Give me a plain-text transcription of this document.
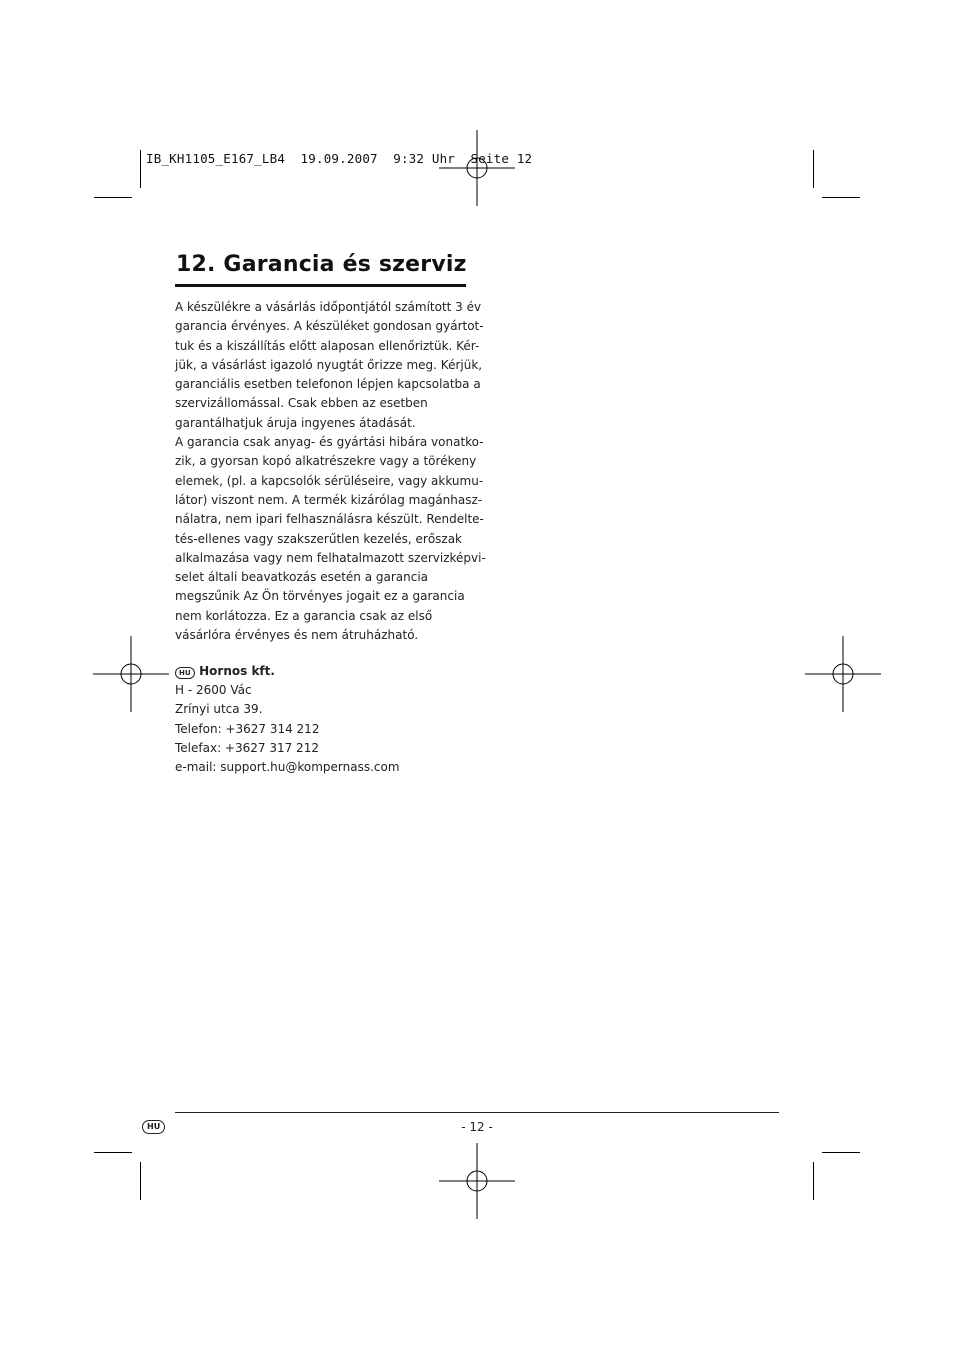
IB_KH1105_E167_LB4  19.09.2007  9:32 Uhr  Seite 12
12. Garancia és szerviz
A készülékre a vásárlás időpontjától számított 3 év
garancia érvényes. A készüléket gondosan gyártot-
tuk és a kiszállítás előtt alaposan ellenőriztük. Kér-
jük, a vásárlást igazoló nyugtát őrizze meg. Kérjük,
garanciális esetben telefonon lépjen kapcsolatba a
szervizállomással. Csak ebben az esetben
garantálhatjuk áruja ingyenes átadását.
A garancia csak anyag- és gyártási hibára vonatko-
zik, a gyorsan kopó alkatrészekre vagy a törékeny
elemek, (pl. a kapcsolók sérüléseire, vagy akkumu-
látor) viszont nem. A termék kizárólag magánhasz-
nálatra, nem ipari felhasználásra készült. Rendelte-
tés-ellenes vagy szakszerűtlen kezelés, erőszak
alkalmazása vagy nem felhatalmazott szervizképvi-
selet általi beavatkozás esetén a garancia
megszűnik Az Ön törvényes jogait ez a garancia
nem korlátozza. Ez a garancia csak az első
vásárlóra érvényes és nem átruházható.
HU Hornos kft.
H - 2600 Vác
Zrínyi utca 39.
Telefon: +3627 314 212
Telefax: +3627 317 212
e-mail: support.hu@kompernass.com
HU	- 12 -
